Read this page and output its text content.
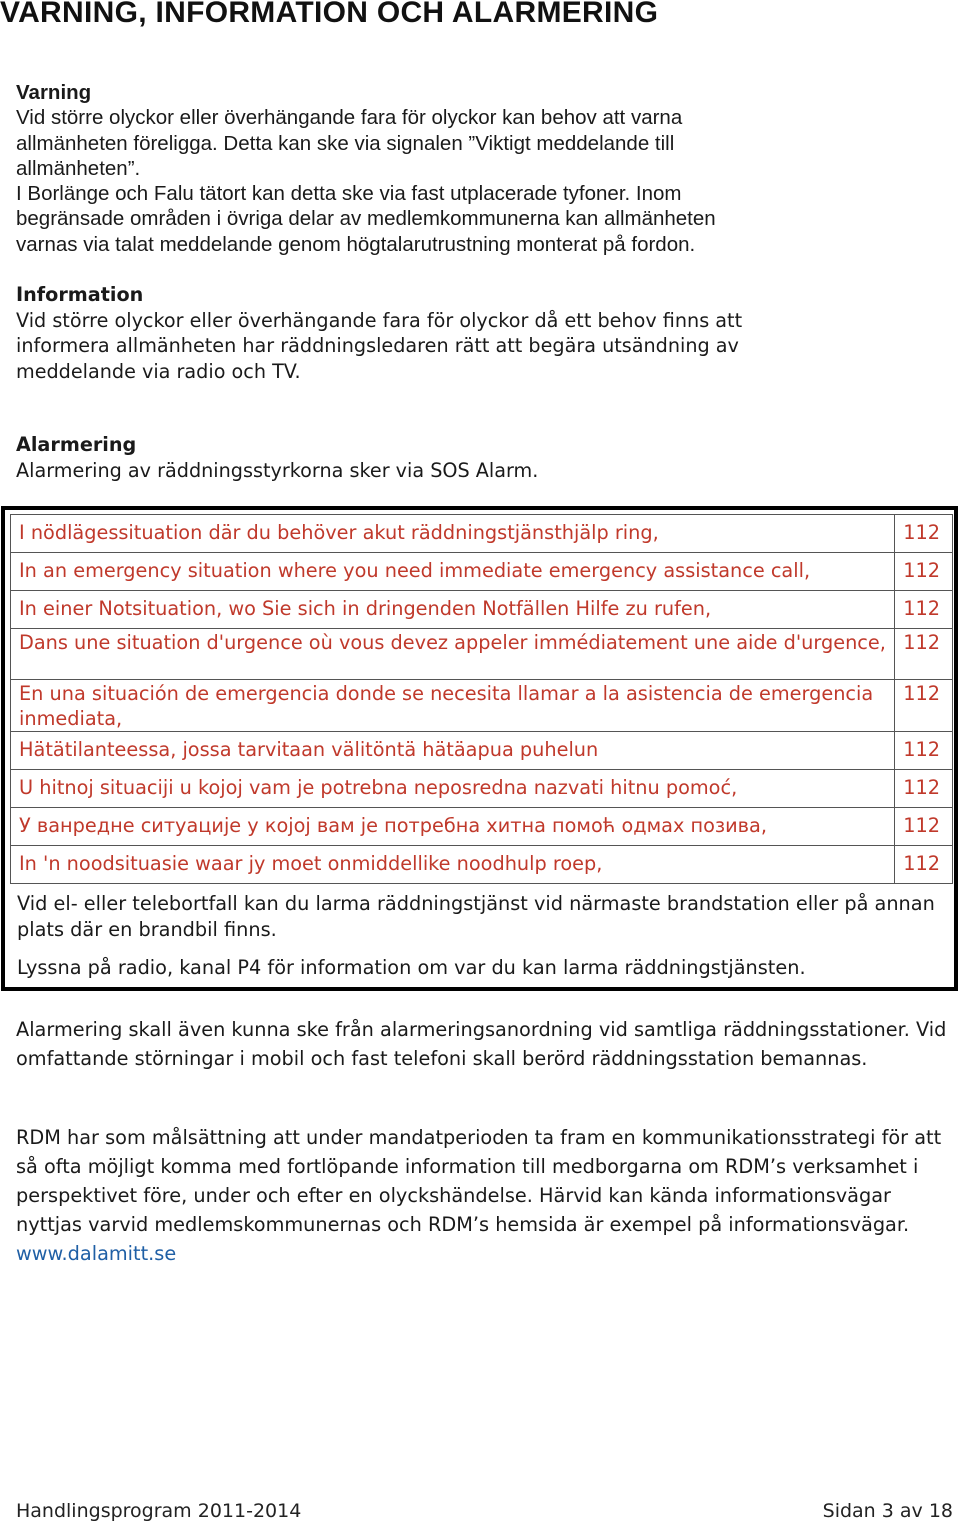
VARNING, INFORMATION OCH ALARMERING

Varning

Vid större olyckor eller överhängande fara för olyckor kan behov att varna

allmänheten föreligga. Detta kan ske via signalen ”Viktigt meddelande till

allmänheten”.

I Borlänge och Falu tätort kan detta ske via fast utplacerade tyfoner. Inom

begränsade områden i övriga delar av medlemkommunerna kan allmänheten

varnas via talat meddelande genom högtalarutrustning monterat på fordon.

Information

Vid större olyckor eller överhängande fara för olyckor då ett behov finns att

informera allmänheten har räddningsledaren rätt att begära utsändning av

meddelande via radio och TV.

Alarmering

Alarmering av räddningsstyrkorna sker via SOS Alarm.

I nödlägessituation där du behöver akut räddningstjänsthjälp ring,	112
In an emergency situation where you need immediate emergency assistance call,	112
In einer Notsituation, wo Sie sich in dringenden Notfällen Hilfe zu rufen,	112
Dans une situation d'urgence où vous devez appeler immédiatement une aide d'urgence,	112
En una situación de emergencia donde se necesita llamar a la asistencia de emergencia inmediata,	112
Hätätilanteessa, jossa tarvitaan välitöntä hätäapua puhelun	112
U hitnoj situaciji u kojoj vam je potrebna neposredna nazvati hitnu pomoć,	112
У ванредне ситуације у којој вам је потребна хитна помоћ одмах позива,	112
In 'n noodsituasie waar jy moet onmiddellike noodhulp roep,	112

Vid el- eller telebortfall kan du larma räddningstjänst vid närmaste brandstation eller på annan plats där en brandbil finns.

Lyssna på radio, kanal P4 för information om var du kan larma räddningstjänsten.

Alarmering skall även kunna ske från alarmeringsanordning vid samtliga räddningsstationer. Vid omfattande störningar i mobil och fast telefoni skall berörd räddningsstation bemannas.

RDM har som målsättning att under mandatperioden ta fram en kommunikationsstrategi för att så ofta möjligt komma med fortlöpande information till medborgarna om RDM’s verksamhet i perspektivet före, under och efter en olyckshändelse. Härvid kan kända informationsvägar nyttjas varvid medlemskommunernas och RDM’s hemsida är exempel på informationsvägar. www.dalamitt.se

Handlingsprogram 2011-2014	Sidan 3 av 18
